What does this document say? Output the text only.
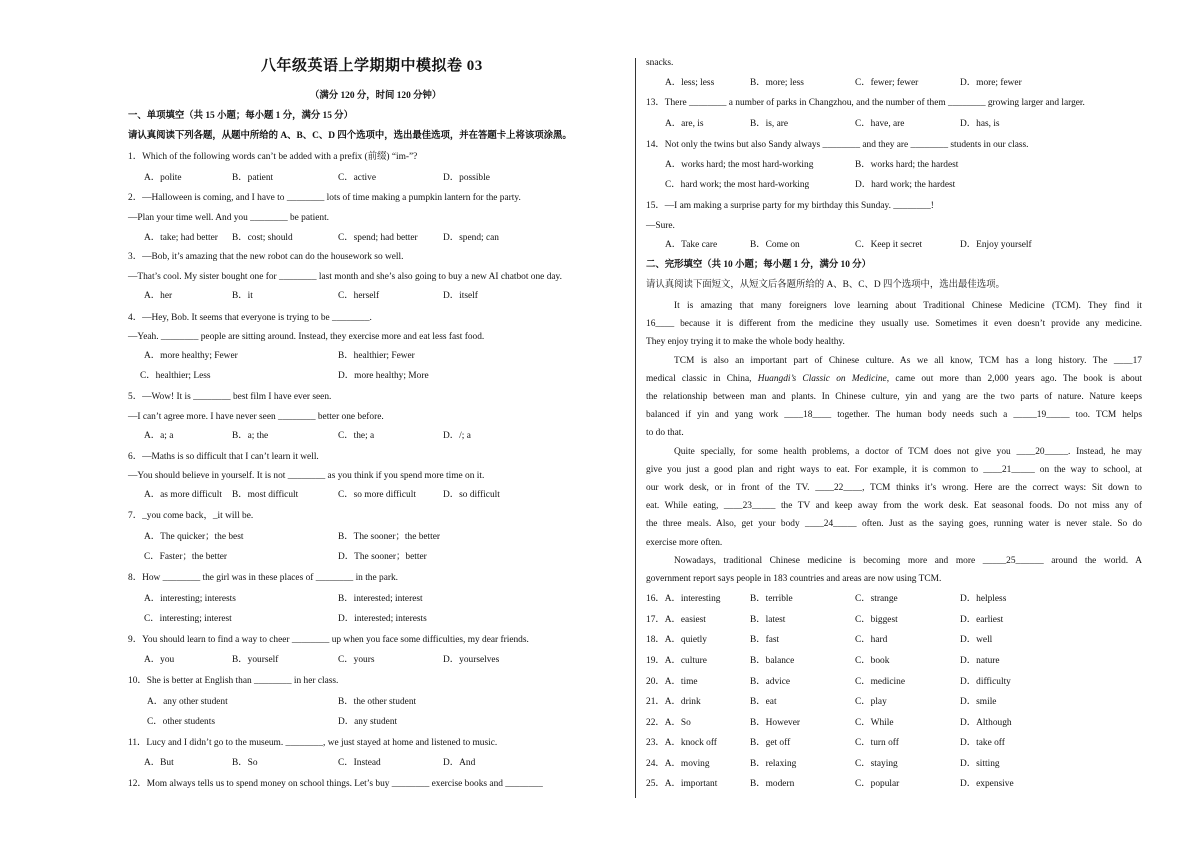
八年级英语上学期期中模拟卷 03
（满分 120 分，时间 120 分钟）
一、单项填空（共 15 小题；每小题 1 分，满分 15 分）
请认真阅读下列各题，从题中所给的 A、B、C、D 四个选项中，选出最佳选项，并在答题卡上将该项涂黑。
1．Which of the following words can’t be added with a prefix (前缀) “im-”?
A．polite	B．patient	C．active	D．possible
2．—Halloween is coming, and I have to ________ lots of time making a pumpkin lantern for the party.
—Plan your time well. And you ________ be patient.
A．take; had better B．cost; should	C．spend; had better	D．spend; can
3．—Bob, it’s amazing that the new robot can do the housework so well.
—That’s cool. My sister bought one for ________ last month and she’s also going to buy a new AI chatbot one day.
A．her	B．it	C．herself	D．itself
4．—Hey, Bob. It seems that everyone is trying to be ________.
—Yeah. ________ people are sitting around. Instead, they exercise more and eat less fast food.
A．more healthy; Fewer	B．healthier; Fewer
C．healthier; Less	D．more healthy; More
5．—Wow! It is ________ best film I have ever seen.
—I can’t agree more. I have never seen ________ better one before.
A．a; a	B．a; the	C．the; a	D．/; a
6．—Maths is so difficult that I can’t learn it well.
—You should believe in yourself. It is not ________ as you think if you spend more time on it.
A．as more difficult B．most difficult	C．so more difficult	D．so difficult
7．_you come back，_it will be.
A．The quicker；the best	B．The sooner；the better
C．Faster；the better	D．The sooner；better
8．How ________ the girl was in these places of ________ in the park.
A．interesting; interests	B．interested; interest
C．interesting; interest	D．interested; interests
9．You should learn to find a way to cheer ________ up when you face some difficulties, my dear friends.
A．you	B．yourself	C．yours	D．yourselves
10．She is better at English than ________ in her class.
A．any other student	B．the other student
C．other students	D．any student
11．Lucy and I didn’t go to the museum. ________, we just stayed at home and listened to music.
A．But	B．So	C．Instead	D．And
12．Mom always tells us to spend money on school things. Let’s buy ________ exercise books and ________
snacks.
A．less; less	B．more; less	C．fewer; fewer	D．more; fewer
13．There ________ a number of parks in Changzhou, and the number of them ________ growing larger and larger.
A．are, is	B．is, are	C．have, are	D．has, is
14．Not only the twins but also Sandy always ________ and they are ________ students in our class.
A．works hard; the most hard-working	B．works hard; the hardest
C．hard work; the most hard-working	D．hard work; the hardest
15．—I am making a surprise party for my birthday this Sunday. ________!
—Sure.
A．Take care	B．Come on	C．Keep it secret	D．Enjoy yourself
二、完形填空（共 10 小题；每小题 1 分，满分 10 分）
请认真阅读下面短文，从短文后各题所给的 A、B、C、D 四个选项中，选出最佳选项。
It is amazing that many foreigners love learning about Traditional Chinese Medicine (TCM). They find it
16____ because it is different from the medicine they usually use. Sometimes it even doesn’t provide any medicine.
They enjoy trying it to make the whole body healthy.
TCM is also an important part of Chinese culture. As we all know, TCM has a long history. The ____17
medical classic in China, Huangdi’s Classic on Medicine, came out more than 2,000 years ago. The book is about
the relationship between man and plants. In Chinese culture, yin and yang are the two parts of nature. Nature keeps
balanced if yin and yang work ____18____ together. The human body needs such a _____19_____ too. TCM helps
to do that.
Quite specially, for some health problems, a doctor of TCM does not give you ____20_____. Instead, he may
give you just a good plan and right ways to eat. For example, it is common to ____21_____ on the way to school, at
our work desk, or in front of the TV. ____22____, TCM thinks it’s wrong. Here are the correct ways: Sit down to
eat. While eating, ____23_____ the TV and keep away from the work desk. Eat seasonal foods. Do not miss any of
the three meals. Also, get your body ____24_____ often. Just as the saying goes, running water is never stale. So do
exercise more often.
Nowadays, traditional Chinese medicine is becoming more and more _____25______ around the world. A
government report says people in 183 countries and areas are now using TCM.
16．A．interesting	B．terrible	C．strange	D．helpless
17．A．easiest	B．latest	C．biggest	D．earliest
18．A．quietly	B．fast	C．hard	D．well
19．A．culture	B．balance	C．book	D．nature
20．A．time	B．advice	C．medicine	D．difficulty
21．A．drink	B．eat	C．play	D．smile
22．A．So	B．However	C．While	D．Although
23．A．knock off	B．get off	C．turn off	D．take off
24．A．moving	B．relaxing	C．staying	D．sitting
25．A．important	B．modern	C．popular	D．expensive
